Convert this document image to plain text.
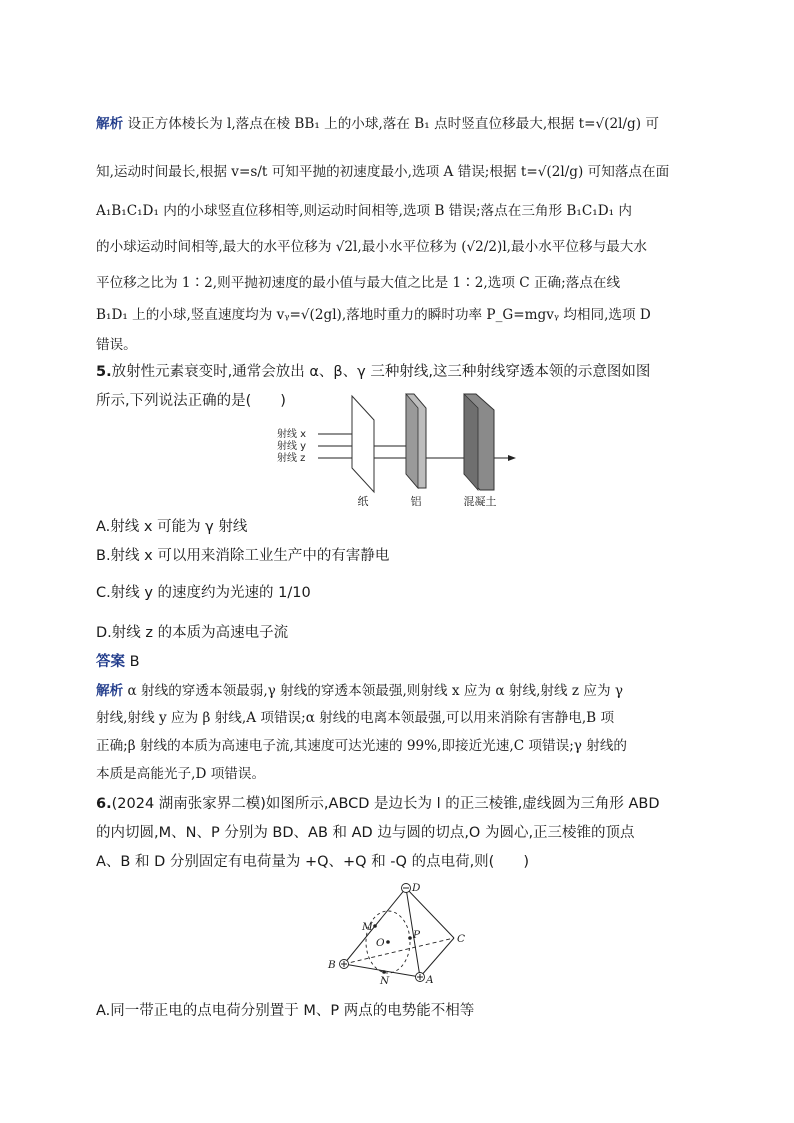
解析 设正方体棱长为 l,落点在棱 BB₁ 上的小球,落在 B₁ 点时竖直位移最大,根据 t=√(2l/g) 可
知,运动时间最长,根据 v=s/t 可知平抛的初速度最小,选项 A 错误;根据 t=√(2l/g) 可知落点在面
A₁B₁C₁D₁ 内的小球竖直位移相等,则运动时间相等,选项 B 错误;落点在三角形 B₁C₁D₁ 内
的小球运动时间相等,最大的水平位移为 √2l,最小水平位移为 (√2/2)l,最小水平位移与最大水
平位移之比为 1∶2,则平抛初速度的最小值与最大值之比是 1∶2,选项 C 正确;落点在线
B₁D₁ 上的小球,竖直速度均为 vᵧ=√(2gl),落地时重力的瞬时功率 P_G=mgvᵧ 均相同,选项 D
错误。
5.放射性元素衰变时,通常会放出 α、β、γ 三种射线,这三种射线穿透本领的示意图如图
所示,下列说法正确的是(　　)
射线 x
射线 y
射线 z
纸	铝	混凝土
A.射线 x 可能为 γ 射线
B.射线 x 可以用来消除工业生产中的有害静电
C.射线 y 的速度约为光速的 1/10
D.射线 z 的本质为高速电子流
答案 B
解析 α 射线的穿透本领最弱,γ 射线的穿透本领最强,则射线 x 应为 α 射线,射线 z 应为 γ
射线,射线 y 应为 β 射线,A 项错误;α 射线的电离本领最强,可以用来消除有害静电,B 项
正确;β 射线的本质为高速电子流,其速度可达光速的 99%,即接近光速,C 项错误;γ 射线的
本质是高能光子,D 项错误。
6.(2024 湖南张家界二模)如图所示,ABCD 是边长为 l 的正三棱锥,虚线圆为三角形 ABD
的内切圆,M、N、P 分别为 BD、AB 和 AD 边与圆的切点,O 为圆心,正三棱锥的顶点
A、B 和 D 分别固定有电荷量为 +Q、+Q 和 -Q 的点电荷,则(　　)
D
M
O
P	C
B
N	A
A.同一带正电的点电荷分别置于 M、P 两点的电势能不相等
